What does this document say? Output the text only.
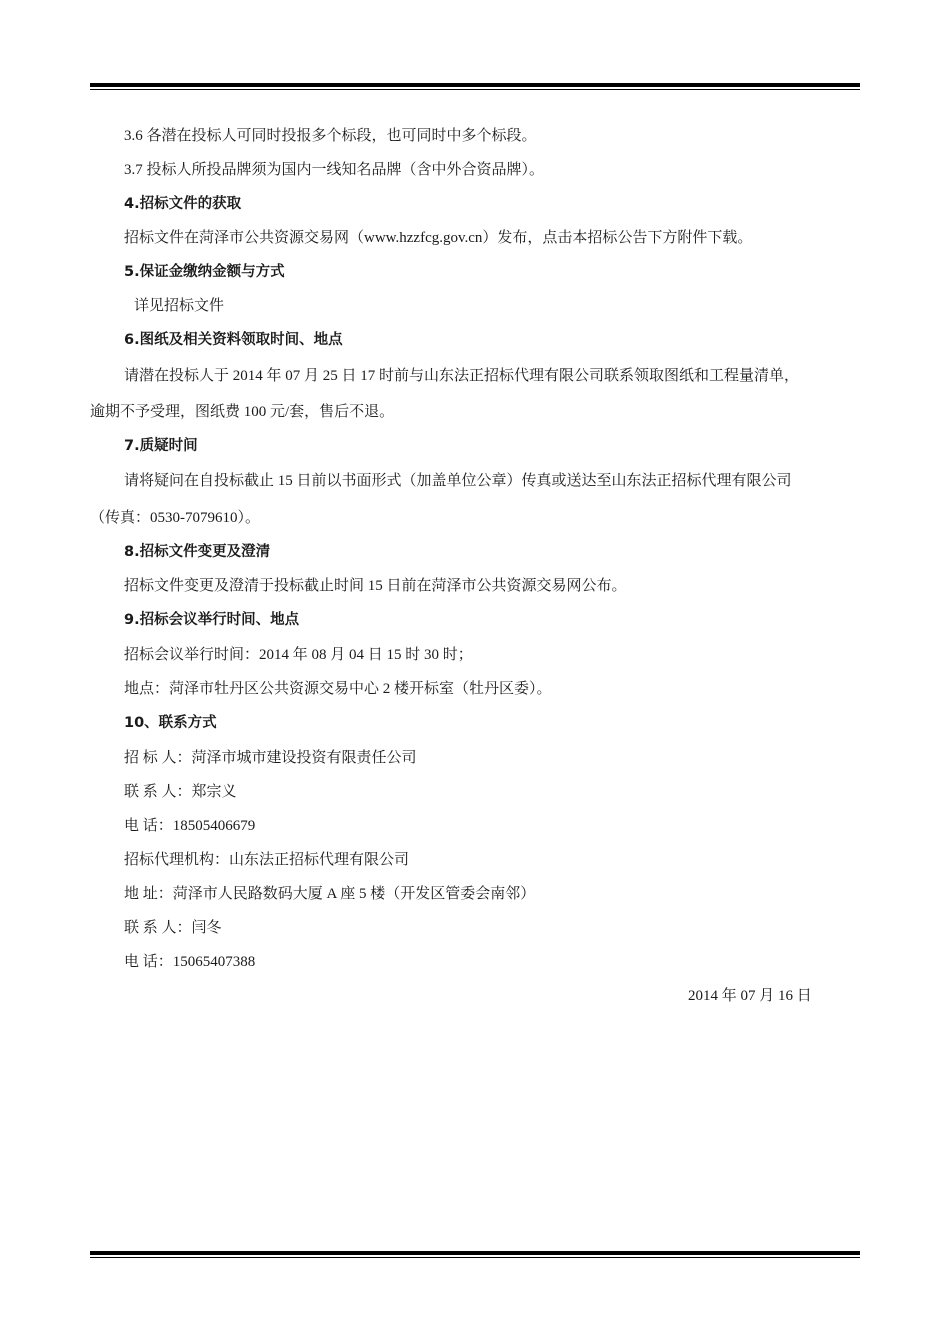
3.6 各潜在投标人可同时投报多个标段，也可同时中多个标段。
3.7 投标人所投品牌须为国内一线知名品牌（含中外合资品牌）。
4.招标文件的获取
招标文件在菏泽市公共资源交易网（www.hzzfcg.gov.cn）发布，点击本招标公告下方附件下载。
5.保证金缴纳金额与方式
详见招标文件
6.图纸及相关资料领取时间、地点
请潜在投标人于 2014 年 07 月 25 日 17 时前与山东法正招标代理有限公司联系领取图纸和工程量清单，
逾期不予受理，图纸费 100 元/套，售后不退。
7.质疑时间
请将疑问在自投标截止 15 日前以书面形式（加盖单位公章）传真或送达至山东法正招标代理有限公司
（传真：0530-7079610）。
8.招标文件变更及澄清
招标文件变更及澄清于投标截止时间 15 日前在菏泽市公共资源交易网公布。
9.招标会议举行时间、地点
招标会议举行时间：2014 年 08 月 04 日 15 时 30 时；
地点：菏泽市牡丹区公共资源交易中心 2 楼开标室（牡丹区委）。
10、联系方式
招 标 人：菏泽市城市建设投资有限责任公司
联 系 人：郑宗义
电 话：18505406679
招标代理机构：山东法正招标代理有限公司
地 址：菏泽市人民路数码大厦 A 座 5 楼（开发区管委会南邻）
联 系 人：闫冬
电 话：15065407388
2014 年 07 月 16 日
